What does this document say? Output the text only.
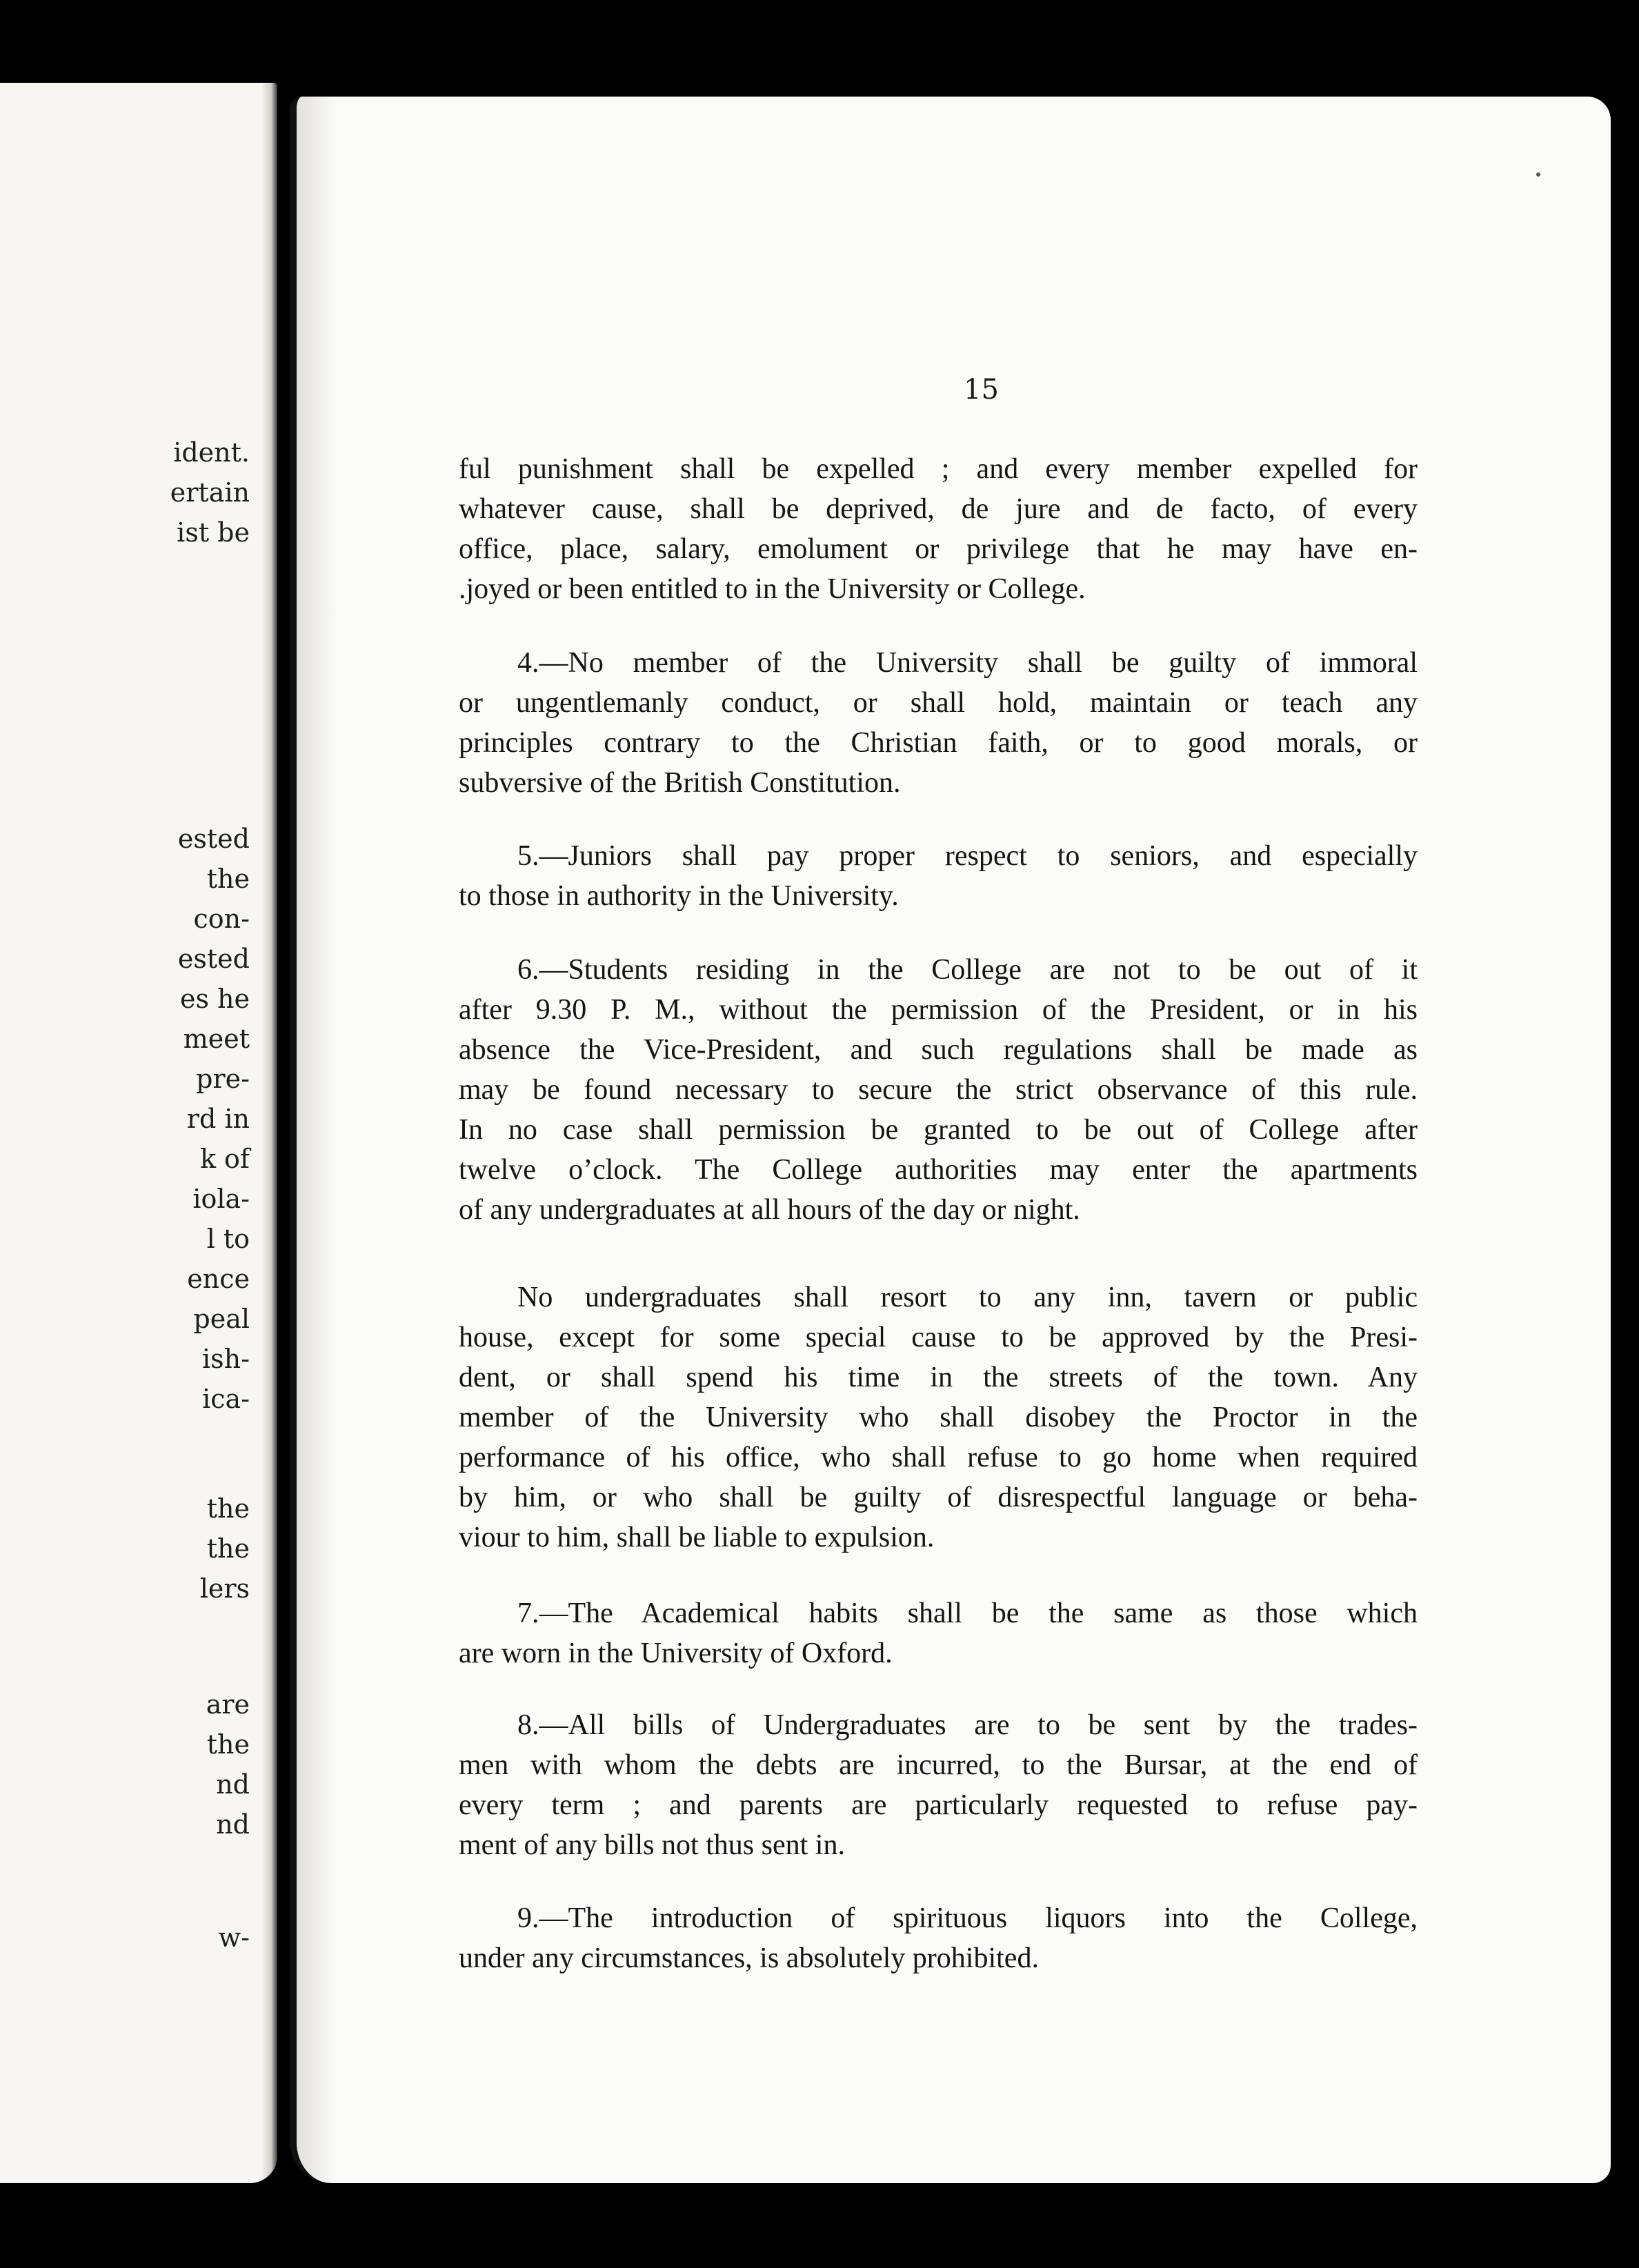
ident.
ertain
ist be
ested
the
con-
ested
es he
meet
pre-
rd in
k of
iola-
l to
ence
peal
ish-
ica-
the
the
lers
are
the
nd
nd
w-
15
ful punishment shall be expelled ; and every member expelled for
whatever cause, shall be deprived, de jure and de facto, of every
office, place, salary, emolument or privilege that he may have en-
.joyed or been entitled to in the University or College.
4.—No member of the University shall be guilty of immoral
or ungentlemanly conduct, or shall hold, maintain or teach any
principles contrary to the Christian faith, or to good morals, or
subversive of the British Constitution.
5.—Juniors shall pay proper respect to seniors, and especially
to those in authority in the University.
6.—Students residing in the College are not to be out of it
after 9.30 P. M., without the permission of the President, or in his
absence the Vice-President, and such regulations shall be made as
may be found necessary to secure the strict observance of this rule.
In no case shall permission be granted to be out of College after
twelve o’clock. The College authorities may enter the apartments
of any undergraduates at all hours of the day or night.
No undergraduates shall resort to any inn, tavern or public
house, except for some special cause to be approved by the Presi-
dent, or shall spend his time in the streets of the town. Any
member of the University who shall disobey the Proctor in the
performance of his office, who shall refuse to go home when required
by him, or who shall be guilty of disrespectful language or beha-
viour to him, shall be liable to expulsion.
7.—The Academical habits shall be the same as those which
are worn in the University of Oxford.
8.—All bills of Undergraduates are to be sent by the trades-
men with whom the debts are incurred, to the Bursar, at the end of
every term ; and parents are particularly requested to refuse pay-
ment of any bills not thus sent in.
9.—The introduction of spirituous liquors into the College,
under any circumstances, is absolutely prohibited.
